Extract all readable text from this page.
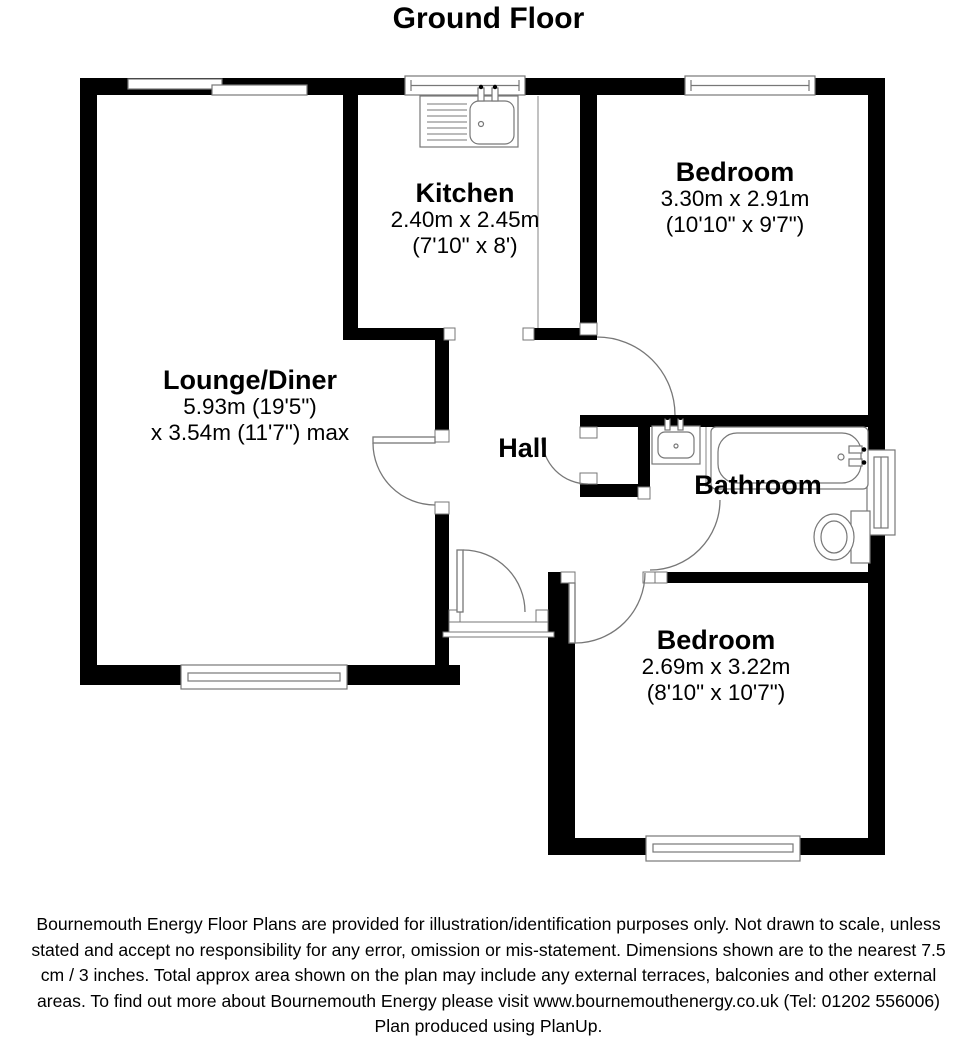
Ground Floor
Kitchen
2.40m x 2.45m
(7'10" x 8')
Bedroom
3.30m x 2.91m
(10'10" x 9'7")
Lounge/Diner
5.93m (19'5")
x 3.54m (11'7") max
Hall
Bathroom
Bedroom
2.69m x 3.22m
(8'10" x 10'7")
Bournemouth Energy Floor Plans are provided for illustration/identification purposes only. Not drawn to scale, unless
stated and accept no responsibility for any error, omission or mis-statement. Dimensions shown are to the nearest 7.5
cm / 3 inches. Total approx area shown on the plan may include any external terraces, balconies and other external
areas. To find out more about Bournemouth Energy please visit www.bournemouthenergy.co.uk (Tel: 01202 556006)
Plan produced using PlanUp.
